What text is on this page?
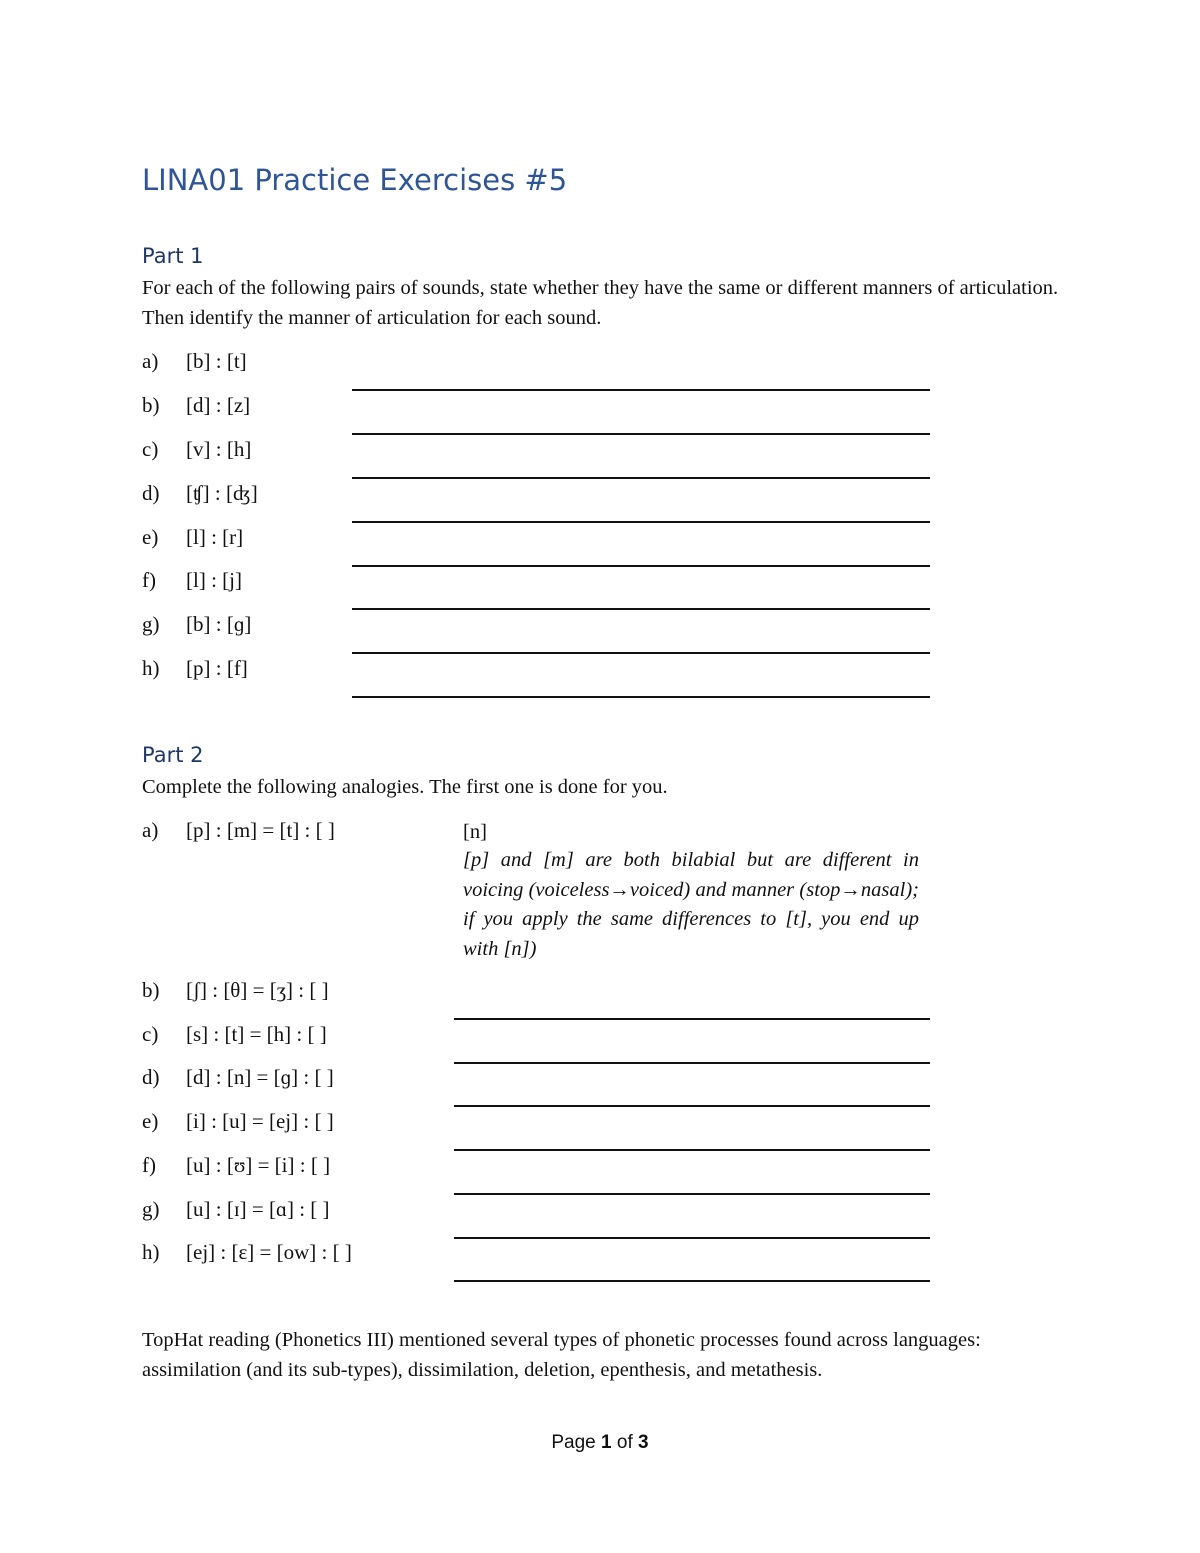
LINA01 Practice Exercises #5
Part 1
For each of the following pairs of sounds, state whether they have the same or different manners of articulation. Then identify the manner of articulation for each sound.
a) [b] : [t]
b) [d] : [z]
c) [v] : [h]
d) [ʧ] : [ʤ]
e) [l] : [r]
f) [l] : [j]
g) [b] : [ɡ]
h) [p] : [f]
Part 2
Complete the following analogies. The first one is done for you.
a) [p] : [m] = [t] : [ ]	[n]
[p] and [m] are both bilabial but are different in voicing (voiceless→voiced) and manner (stop→nasal); if you apply the same differences to [t], you end up with [n])
b) [ʃ] : [θ] = [ʒ] : [ ]
c) [s] : [t] = [h] : [ ]
d) [d] : [n] = [ɡ] : [ ]
e) [i] : [u] = [ej] : [ ]
f) [u] : [ʊ] = [i] : [ ]
g) [u] : [ɪ] = [ɑ] : [ ]
h) [ej] : [ɛ] = [ow] : [ ]
TopHat reading (Phonetics III) mentioned several types of phonetic processes found across languages: assimilation (and its sub-types), dissimilation, deletion, epenthesis, and metathesis.
Page 1 of 3
